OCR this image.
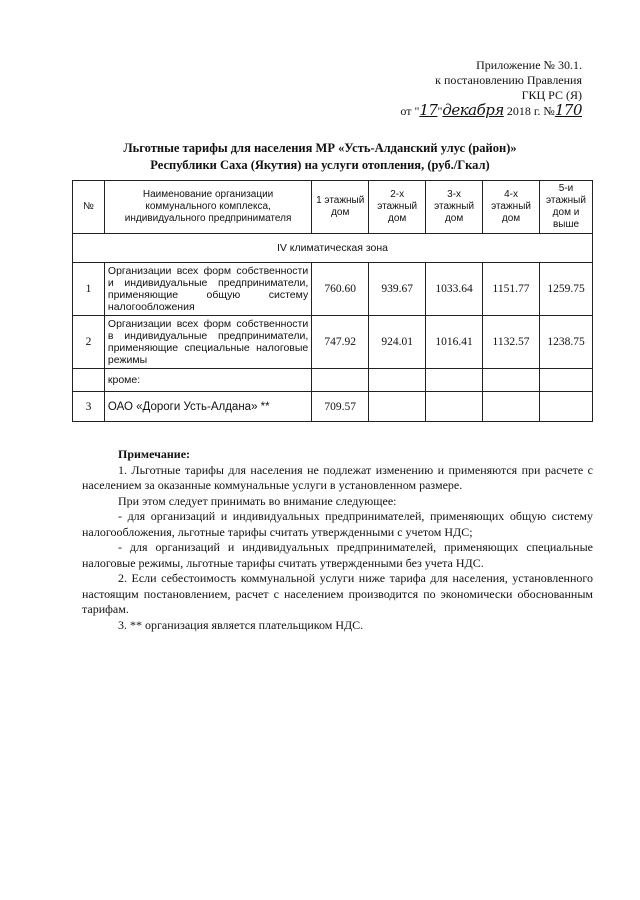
Приложение № 30.1.
к постановлению Правления
ГКЦ РС (Я)
от "17"декабря 2018 г. №170
Льготные тарифы для населения МР «Усть-Алданский улус (район)»
Республики Саха (Якутия) на услуги отопления, (руб./Гкал)
№	Наименование организации коммунального комплекса, индивидуального предпринимателя	1 этажный дом	2-х этажный дом	3-х этажный дом	4-х этажный дом	5-и этажный дом и выше
IV климатическая зона						
1	Организации всех форм собственности и индивидуальные предприниматели, применяющие общую систему налогообложения	760.60	939.67	1033.64	1151.77	1259.75
2	Организации всех форм собственности в индивидуальные предприниматели, применяющие специальные налоговые режимы	747.92	924.01	1016.41	1132.57	1238.75
	кроме:					
3	ОАО «Дороги Усть-Алдана» **	709.57				
Примечание:

1. Льготные тарифы для населения не подлежат изменению и применяются при расчете с населением за оказанные коммунальные услуги в установленном размере.

При этом следует принимать во внимание следующее:

- для организаций и индивидуальных предпринимателей, применяющих общую систему налогообложения, льготные тарифы считать утвержденными с учетом НДС;

- для организаций и индивидуальных предпринимателей, применяющих специальные налоговые режимы, льготные тарифы считать утвержденными без учета НДС.

2. Если себестоимость коммунальной услуги ниже тарифа для населения, установленного настоящим постановлением, расчет с населением производится по экономически обоснованным тарифам.

3. ** организация является плательщиком НДС.
